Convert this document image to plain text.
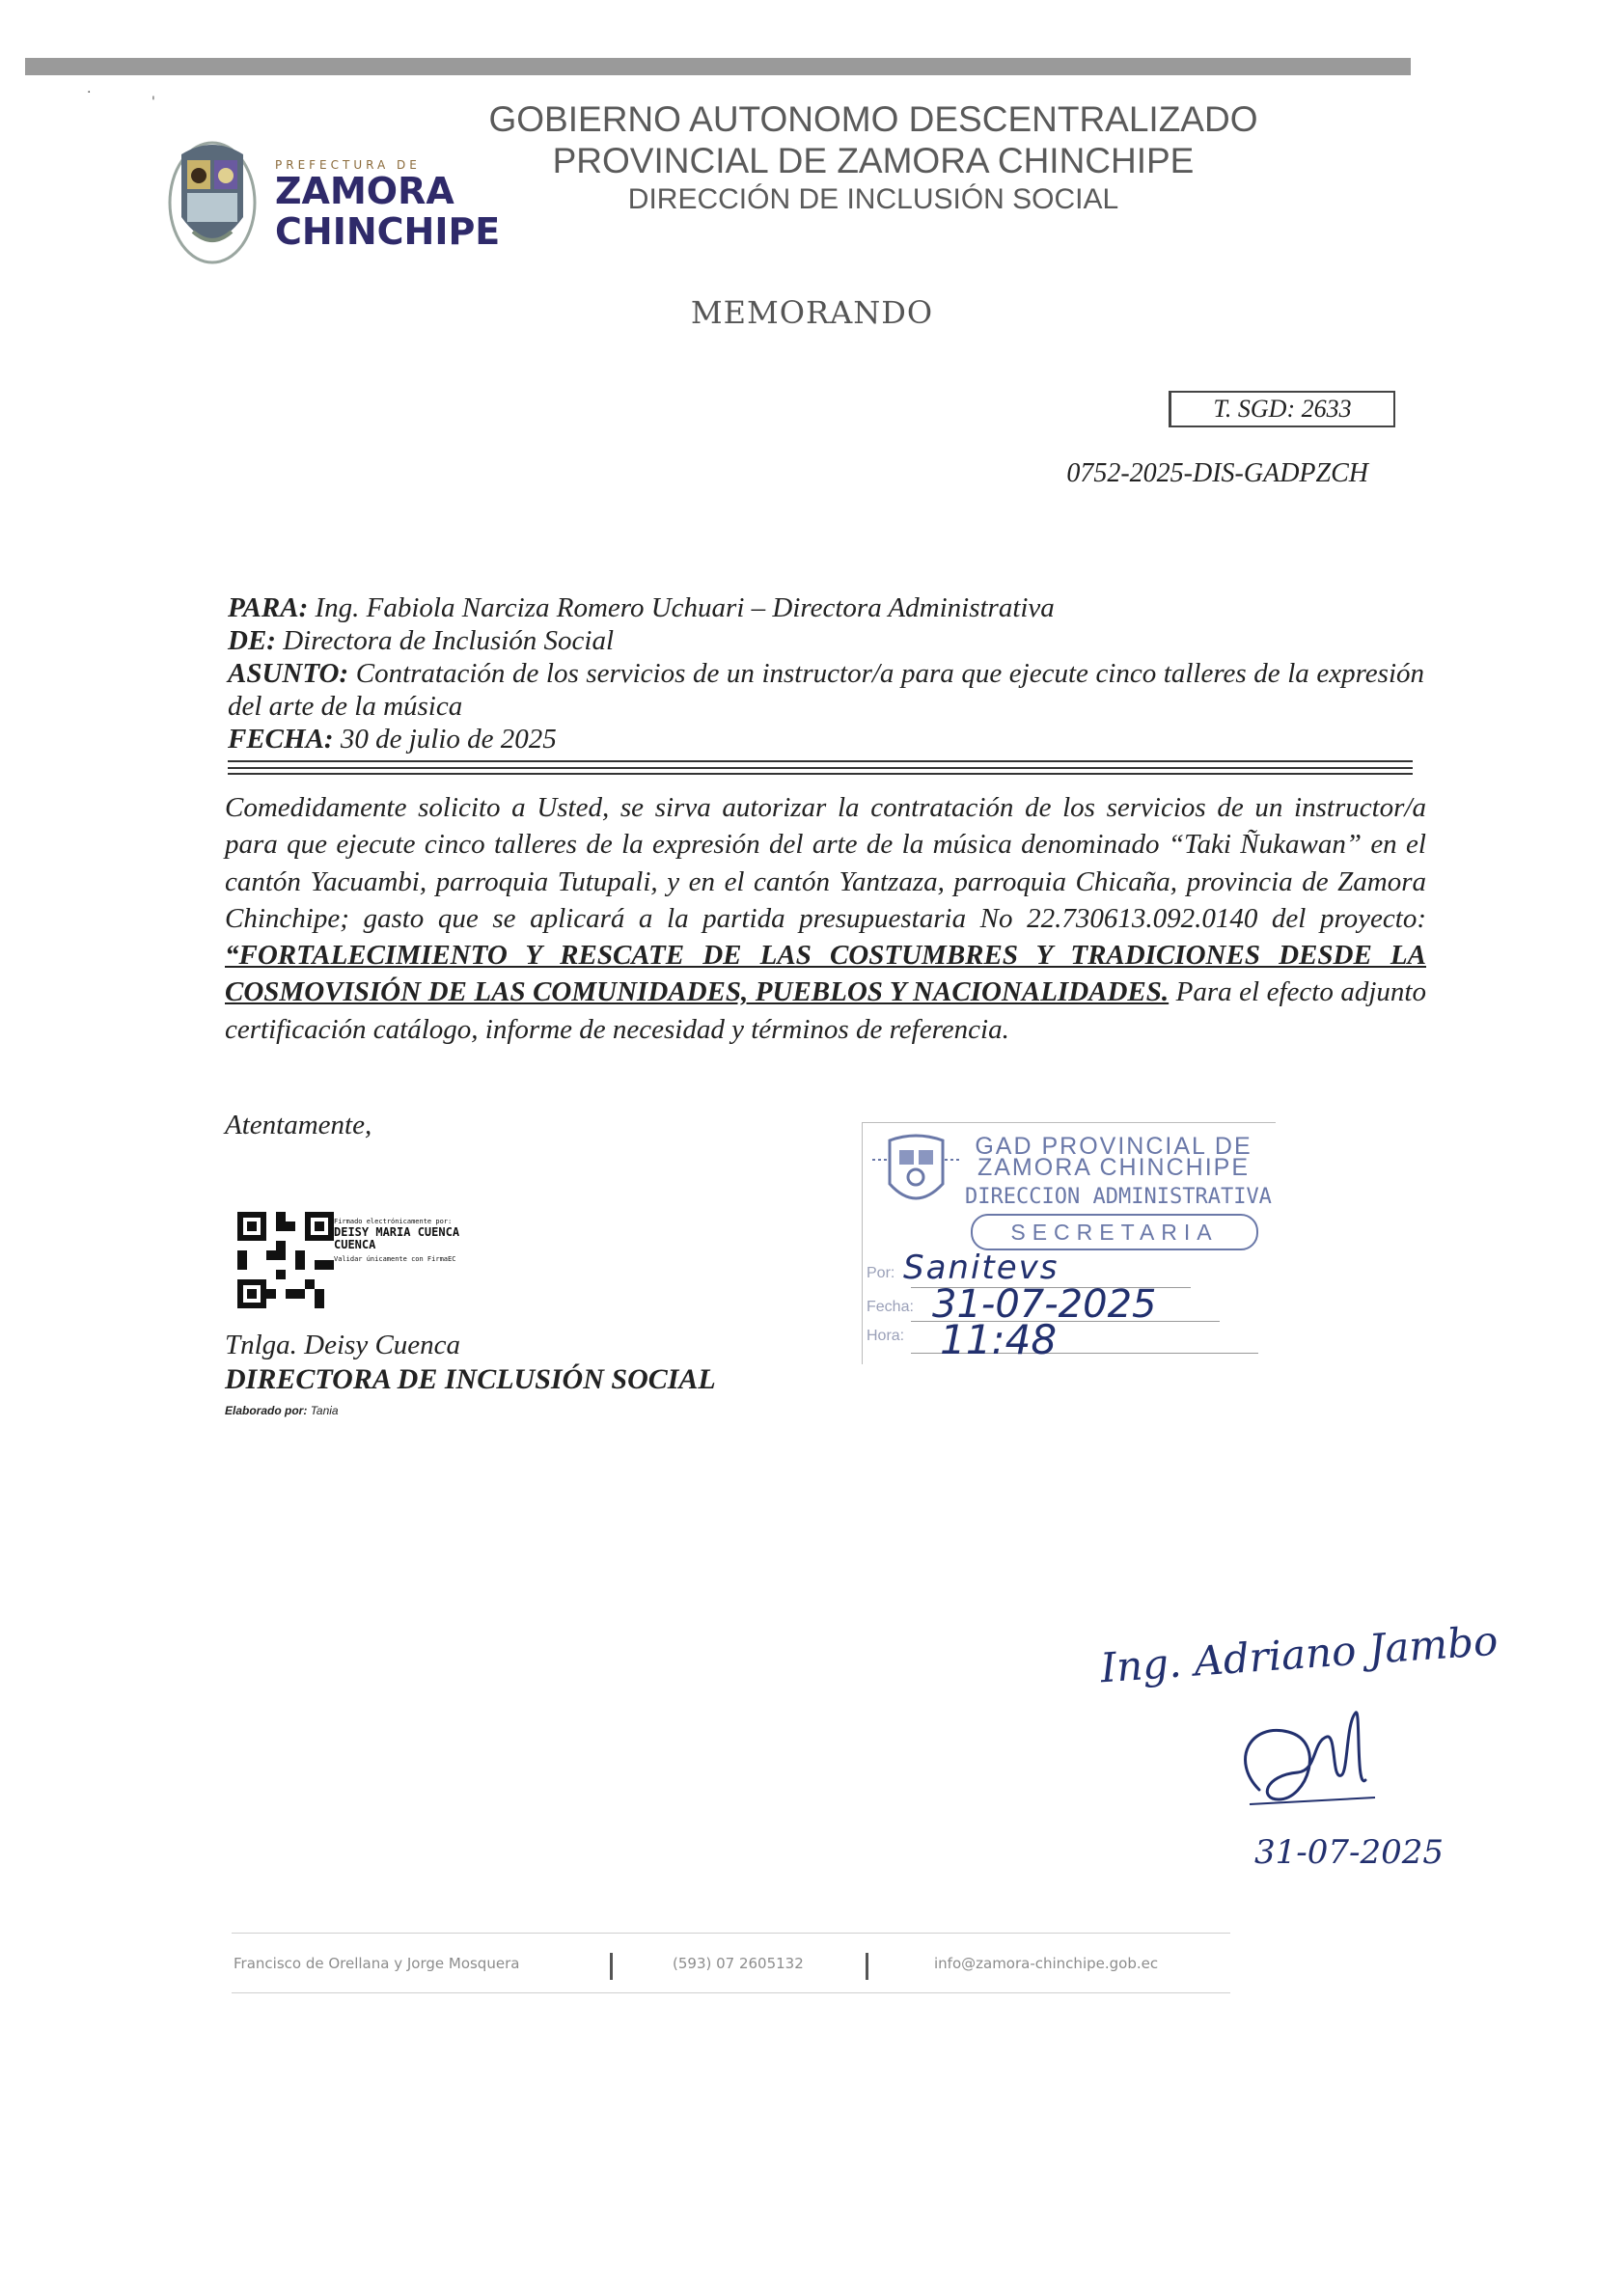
'
·
PREFECTURA DE
ZAMORA
CHINCHIPE
GOBIERNO AUTONOMO DESCENTRALIZADO
PROVINCIAL DE ZAMORA CHINCHIPE
DIRECCIÓN DE INCLUSIÓN SOCIAL
MEMORANDO
T. SGD: 2633
0752-2025-DIS-GADPZCH
PARA: Ing. Fabiola Narciza Romero Uchuari – Directora Administrativa
DE: Directora de Inclusión Social
ASUNTO: Contratación de los servicios de un instructor/a para que ejecute cinco talleres de la expresión del arte de la música
FECHA: 30 de julio de 2025
Comedidamente solicito a Usted, se sirva autorizar la contratación de los servicios de un instructor/a para que ejecute cinco talleres de la expresión del arte de la música denominado “Taki Ñukawan” en el cantón Yacuambi, parroquia Tutupali, y en el cantón Yantzaza, parroquia Chicaña, provincia de Zamora Chinchipe; gasto que se aplicará a la partida presupuestaria No 22.730613.092.0140 del proyecto: “FORTALECIMIENTO Y RESCATE DE LAS COSTUMBRES Y TRADICIONES DESDE LA COSMOVISIÓN DE LAS COMUNIDADES, PUEBLOS Y NACIONALIDADES. Para el efecto adjunto certificación catálogo, informe de necesidad y términos de referencia.
Atentamente,
Firmado electrónicamente por:
DEISY MARIA CUENCA
CUENCA
Validar únicamente con FirmaEC
Tnlga. Deisy Cuenca
DIRECTORA DE INCLUSIÓN SOCIAL
Elaborado por: Tania
GAD PROVINCIAL DE
ZAMORA CHINCHIPE
DIRECCION ADMINISTRATIVA
SECRETARIA
Por:
Fecha:
Hora:
Sanitevs
31-07-2025
11:48
Ing. Adriano Jambo
31-07-2025
Francisco de Orellana y Jorge Mosquera	(593) 07 2605132	info@zamora-chinchipe.gob.ec
